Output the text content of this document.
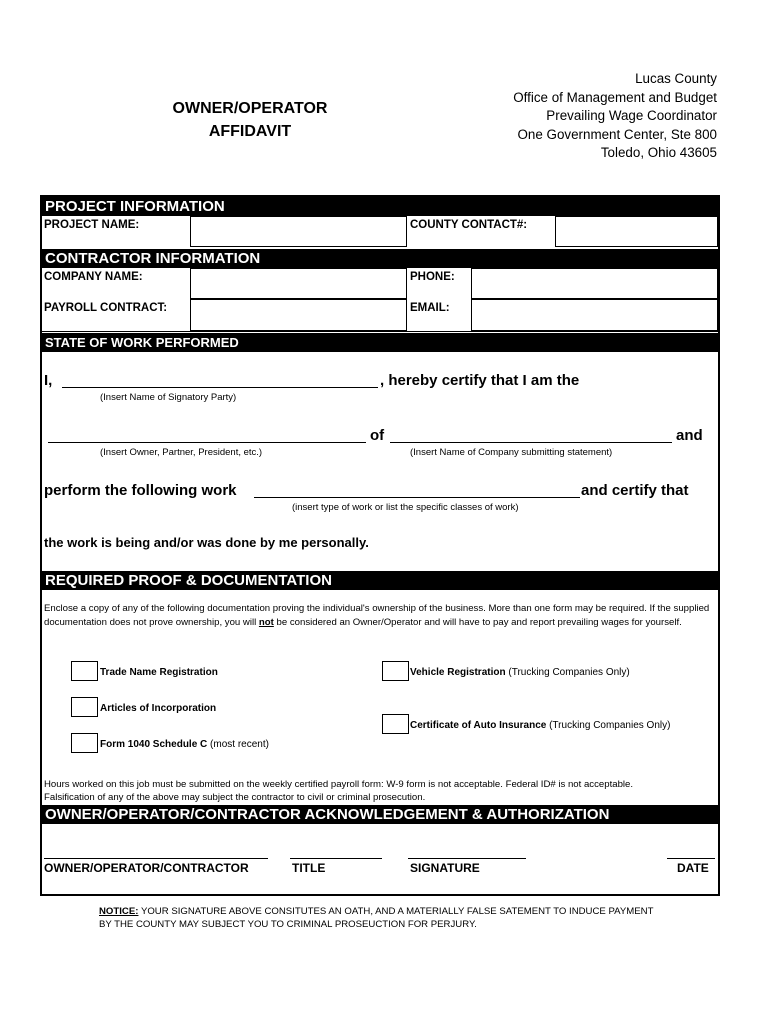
OWNER/OPERATOR
AFFIDAVIT
Lucas County
Office of Management and Budget
Prevailing Wage Coordinator
One Government Center, Ste 800
Toledo, Ohio 43605
PROJECT INFORMATION
PROJECT NAME:	COUNTY CONTACT#:
CONTRACTOR INFORMATION
COMPANY NAME:	PHONE:
PAYROLL CONTRACT:	EMAIL:
STATE OF WORK PERFORMED
I,	, hereby certify that I am the
(Insert Name of Signatory Party)
of	and
(Insert Owner, Partner, President, etc.)	(Insert Name of Company submitting statement)
perform the following work	and certify that
(insert type of work or list the specific classes of work)
the work is being and/or was done by me personally.
REQUIRED PROOF & DOCUMENTATION
Enclose a copy of any of the following documentation proving the individual's ownership of the business. More than one form may be required. If the supplied documentation does not prove ownership, you will not be considered an Owner/Operator and will have to pay and report prevailing wages for yourself.
Trade Name Registration
Articles of Incorporation
Form 1040 Schedule C (most recent)
Vehicle Registration (Trucking Companies Only)
Certificate of Auto Insurance (Trucking Companies Only)
Hours worked on this job must be submitted on the weekly certified payroll form: W-9 form is not acceptable. Federal ID# is not acceptable.
Falsification of any of the above may subject the contractor to civil or criminal prosecution.
OWNER/OPERATOR/CONTRACTOR ACKNOWLEDGEMENT & AUTHORIZATION
OWNER/OPERATOR/CONTRACTOR	TITLE	SIGNATURE	DATE
NOTICE: YOUR SIGNATURE ABOVE CONSITUTES AN OATH, AND A MATERIALLY FALSE SATEMENT TO INDUCE PAYMENT BY THE COUNTY MAY SUBJECT YOU TO CRIMINAL PROSEUCTION FOR PERJURY.
